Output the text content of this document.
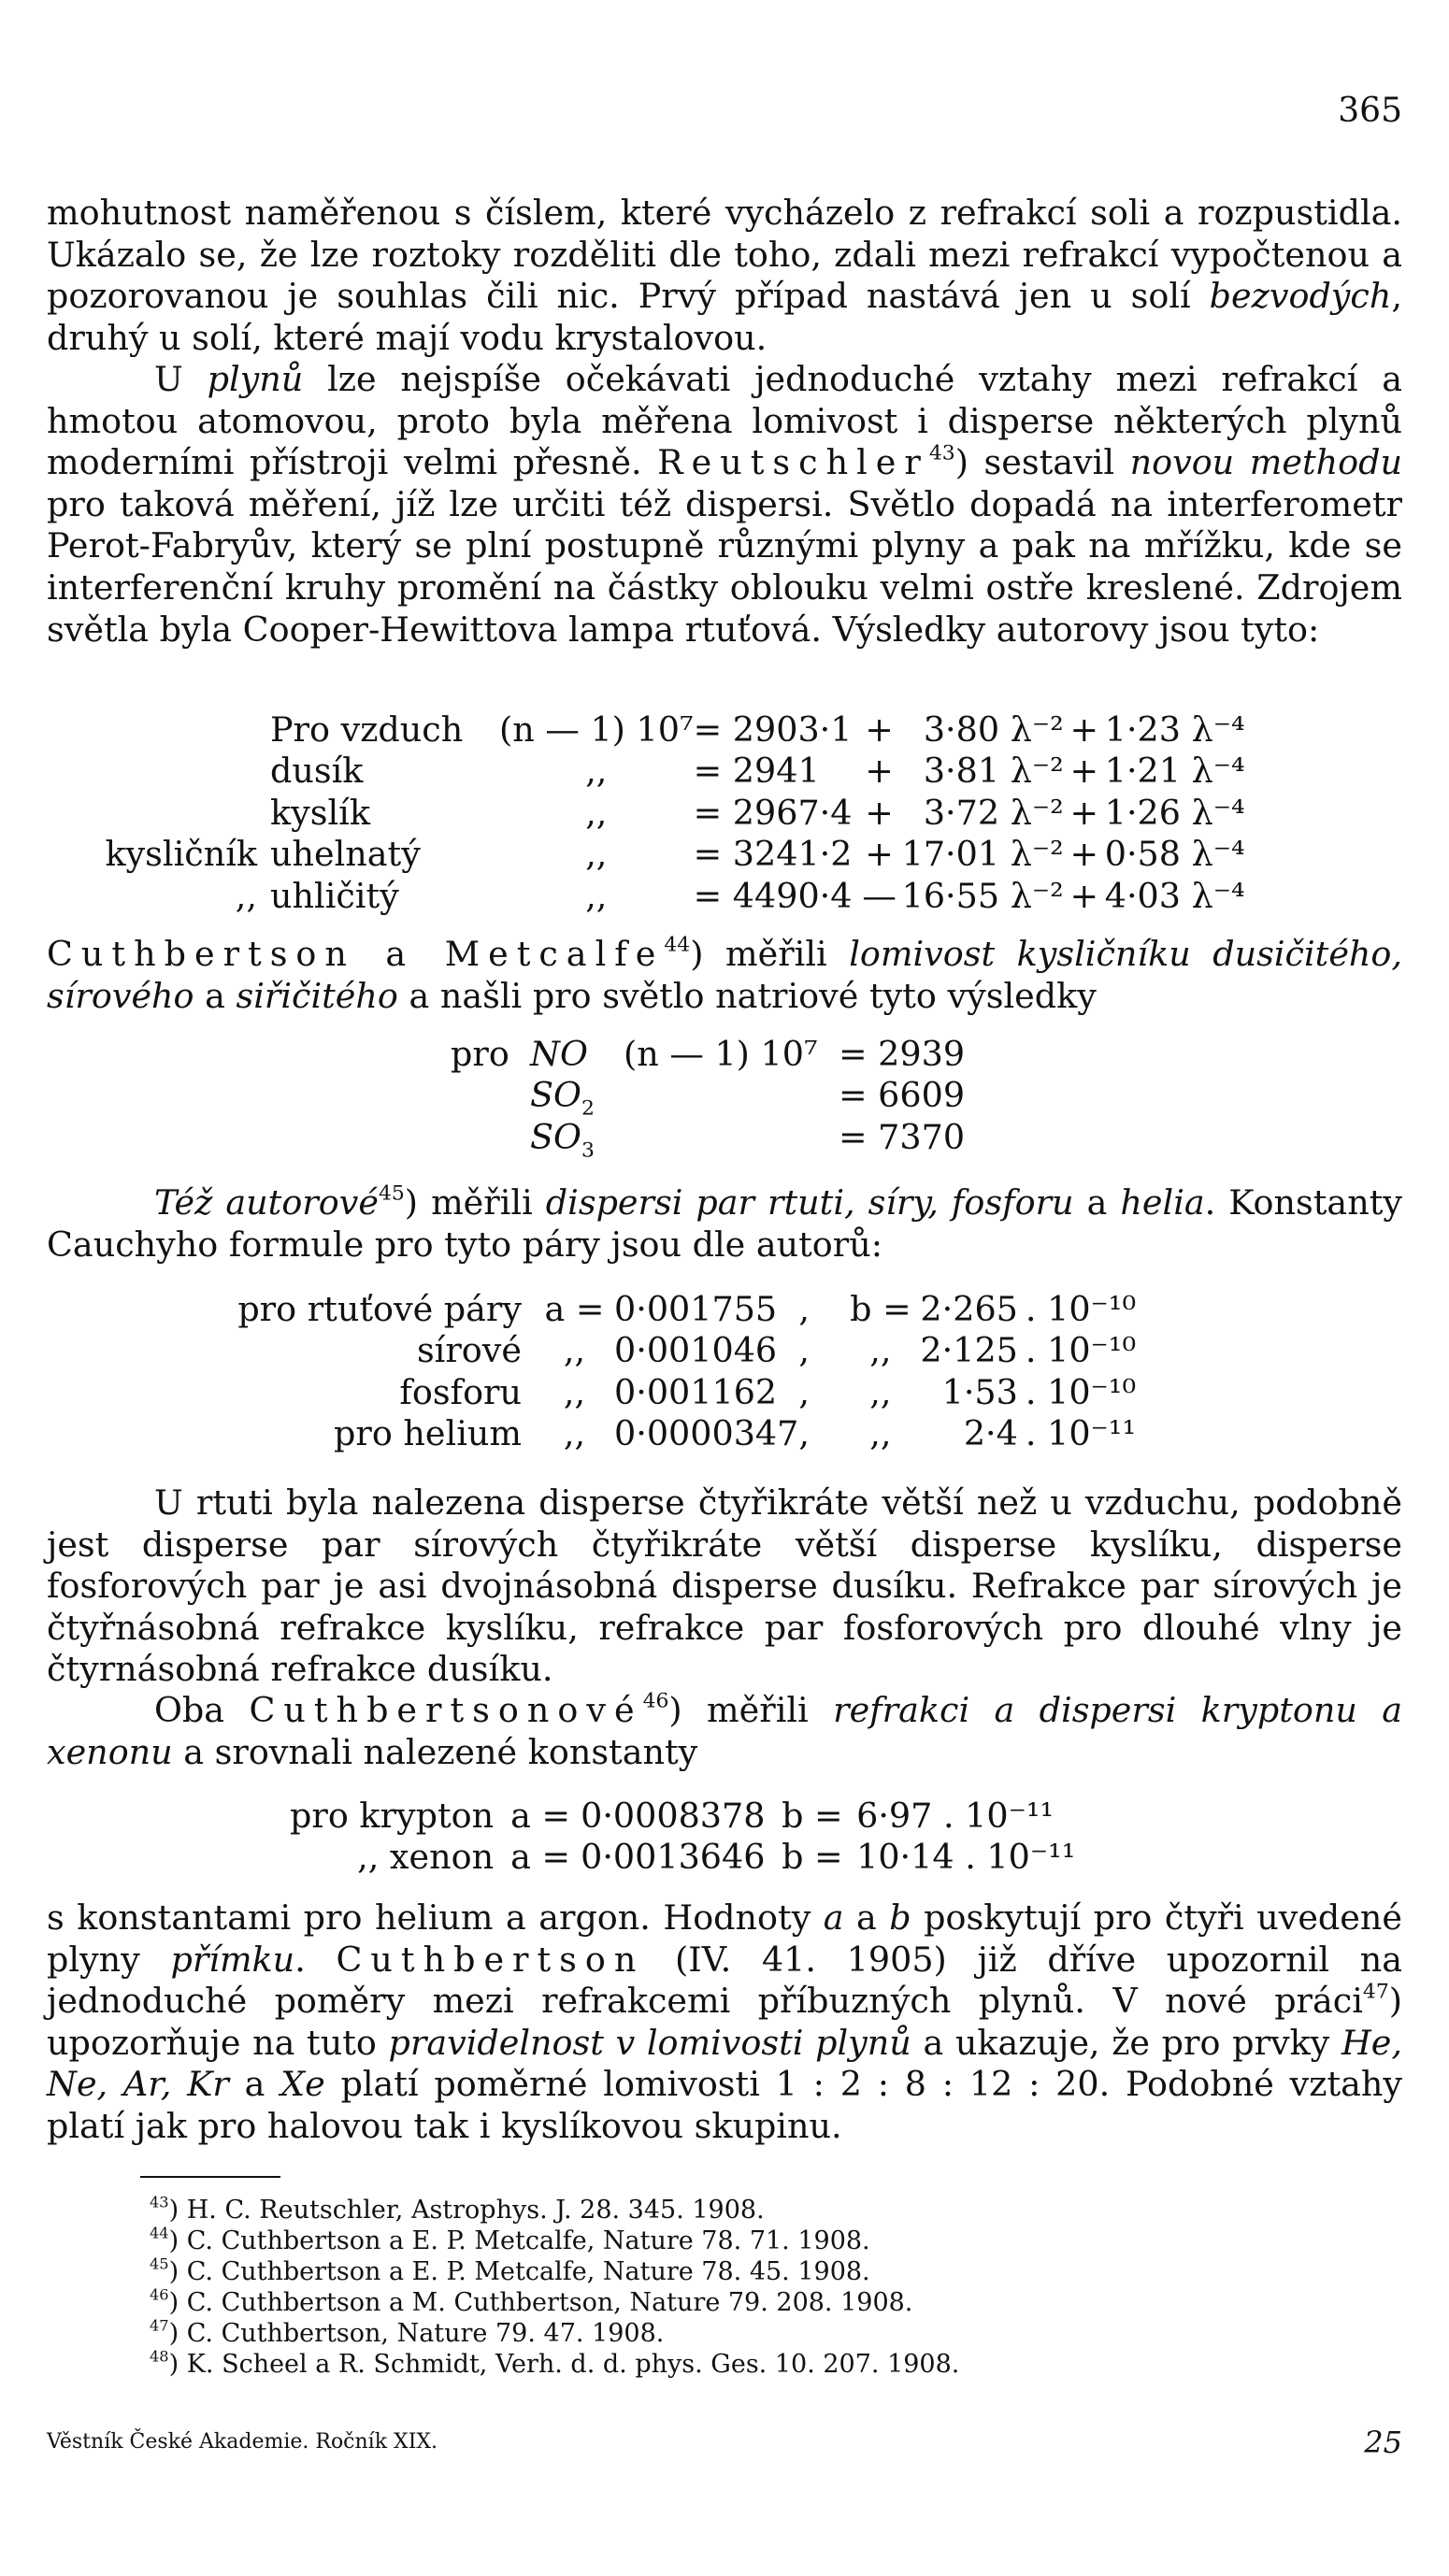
365

mohutnost naměřenou s číslem, které vycházelo z refrakcí soli a rozpustidla. Ukázalo se, že lze roztoky rozděliti dle toho, zdali mezi refrakcí vypočtenou a pozorovanou je souhlas čili nic. Prvý případ nastává jen u solí bezvodých, druhý u solí, které mají vodu krystalovou.

U plynů lze nejspíše očekávati jednoduché vztahy mezi refrakcí a hmotou atomovou, proto byla měřena lomivost i disperse některých plynů moderními přístroji velmi přesně. Reutschler$^{43}$) sestavil novou methodu pro taková měření, jíž lze určiti též dispersi. Světlo dopadá na interferometr Perot-Fabryův, který se plní postupně různými plyny a pak na mřížku, kde se interferenční kruhy promění na částky oblouku velmi ostře kreslené. Zdrojem světla byla Cooper-Hewittova lampa rtuťová. Výsledky autorovy jsou tyto:

	Pro vzduch	(n — 1) 10⁷	= 2903·1	+	3·80 λ⁻²	+	1·23 λ⁻⁴
	dusík	,,	= 2941	+	3·81 λ⁻²	+	1·21 λ⁻⁴
	kyslík	,,	= 2967·4	+	3·72 λ⁻²	+	1·26 λ⁻⁴
kysličník	uhelnatý	,,	= 3241·2	+	17·01 λ⁻²	+	0·58 λ⁻⁴
,,	uhličitý	,,	= 4490·4	—	16·55 λ⁻²	+	4·03 λ⁻⁴

Cuthbertson a Metcalfe$^{44}$) měřili lomivost kysličníku dusičitého, sírového a siřičitého a našli pro světlo natriové tyto výsledky

pro	NO	(n — 1) 10⁷	= 2939
	$SO_2$		= 6609
	$SO_3$		= 7370

Též autorové$^{45}$) měřili dispersi par rtuti, síry, fosforu a helia. Konstanty Cauchyho formule pro tyto páry jsou dle autorů:

pro rtuťové páry	a =	0·001755	,	b =	2·265	. 10⁻¹⁰
sírové	,,	0·001046	,	,,	2·125	. 10⁻¹⁰
fosforu	,,	0·001162	,	,,	1·53	. 10⁻¹⁰
pro helium	,,	0·0000347	,	,,	2·4	. 10⁻¹¹

U rtuti byla nalezena disperse čtyřikráte větší než u vzduchu, podobně jest disperse par sírových čtyřikráte větší disperse kyslíku, disperse fosforových par je asi dvojnásobná disperse dusíku. Refrakce par sírových je čtyřnásobná refrakce kyslíku, refrakce par fosforových pro dlouhé vlny je čtyrnásobná refrakce dusíku.

Oba Cuthbertsonové$^{46}$) měřili refrakci a dispersi kryptonu a xenonu a srovnali nalezené konstanty

pro krypton	a =	0·0008378	b =	6·97 . 10⁻¹¹
,, xenon	a =	0·0013646	b =	10·14 . 10⁻¹¹

s konstantami pro helium a argon. Hodnoty a a b poskytují pro čtyři uvedené plyny přímku. Cuthbertson (IV. 41. 1905) již dříve upozornil na jednoduché poměry mezi refrakcemi příbuzných plynů. V nové práci$^{47}$) upozorňuje na tuto pravidelnost v lomivosti plynů a ukazuje, že pro prvky He, Ne, Ar, Kr a Xe platí poměrné lomivosti 1 : 2 : 8 : 12 : 20. Podobné vztahy platí jak pro halovou tak i kyslíkovou skupinu.

$^{43}$) H. C. Reutschler, Astrophys. J. 28. 345. 1908.
$^{44}$) C. Cuthbertson a E. P. Metcalfe, Nature 78. 71. 1908.
$^{45}$) C. Cuthbertson a E. P. Metcalfe, Nature 78. 45. 1908.
$^{46}$) C. Cuthbertson a M. Cuthbertson, Nature 79. 208. 1908.
$^{47}$) C. Cuthbertson, Nature 79. 47. 1908.
$^{48}$) K. Scheel a R. Schmidt, Verh. d. d. phys. Ges. 10. 207. 1908.
Věstník České Akademie. Ročník XIX.	25
